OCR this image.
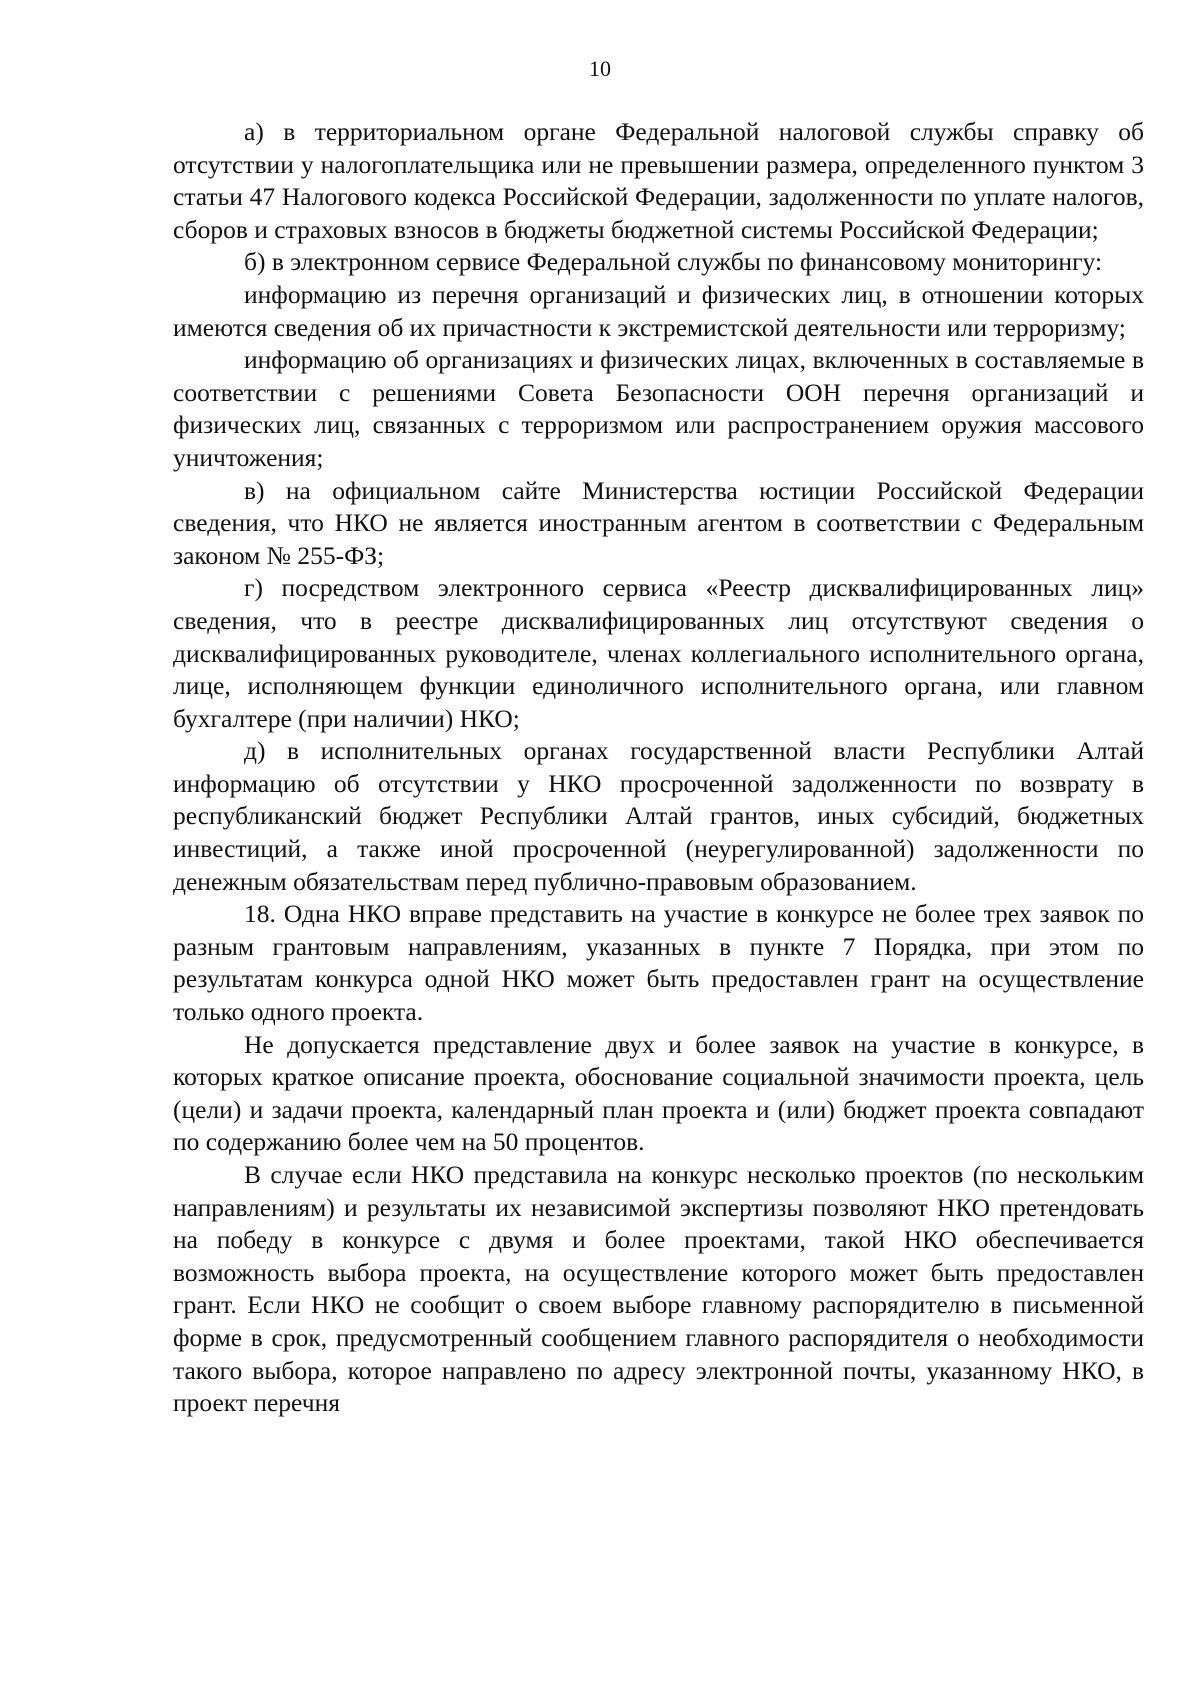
10

а) в территориальном органе Федеральной налоговой службы справку об отсутствии у налогоплательщика или не превышении размера, определенного пунктом 3 статьи 47 Налогового кодекса Российской Федерации, задолженности по уплате налогов, сборов и страховых взносов в бюджеты бюджетной системы Российской Федерации;

б) в электронном сервисе Федеральной службы по финансовому мониторингу:

информацию из перечня организаций и физических лиц, в отношении которых имеются сведения об их причастности к экстремистской деятельности или терроризму;

информацию об организациях и физических лицах, включенных в составляемые в соответствии с решениями Совета Безопасности ООН перечня организаций и физических лиц, связанных с терроризмом или распространением оружия массового уничтожения;

в) на официальном сайте Министерства юстиции Российской Федерации сведения, что НКО не является иностранным агентом в соответствии с Федеральным законом № 255-ФЗ;

г) посредством электронного сервиса «Реестр дисквалифицированных лиц» сведения, что в реестре дисквалифицированных лиц отсутствуют сведения о дисквалифицированных руководителе, членах коллегиального исполнительного органа, лице, исполняющем функции единоличного исполнительного органа, или главном бухгалтере (при наличии) НКО;

д) в исполнительных органах государственной власти Республики Алтай информацию об отсутствии у НКО просроченной задолженности по возврату в республиканский бюджет Республики Алтай грантов, иных субсидий, бюджетных инвестиций, а также иной просроченной (неурегулированной) задолженности по денежным обязательствам перед публично-правовым образованием.

18. Одна НКО вправе представить на участие в конкурсе не более трех заявок по разным грантовым направлениям, указанных в пункте 7 Порядка, при этом по результатам конкурса одной НКО может быть предоставлен грант на осуществление только одного проекта.

Не допускается представление двух и более заявок на участие в конкурсе, в которых краткое описание проекта, обоснование социальной значимости проекта, цель (цели) и задачи проекта, календарный план проекта и (или) бюджет проекта совпадают по содержанию более чем на 50 процентов.

В случае если НКО представила на конкурс несколько проектов (по нескольким направлениям) и результаты их независимой экспертизы позволяют НКО претендовать на победу в конкурсе с двумя и более проектами, такой НКО обеспечивается возможность выбора проекта, на осуществление которого может быть предоставлен грант. Если НКО не сообщит о своем выборе главному распорядителю в письменной форме в срок, предусмотренный сообщением главного распорядителя о необходимости такого выбора, которое направлено по адресу электронной почты, указанному НКО, в проект перечня
